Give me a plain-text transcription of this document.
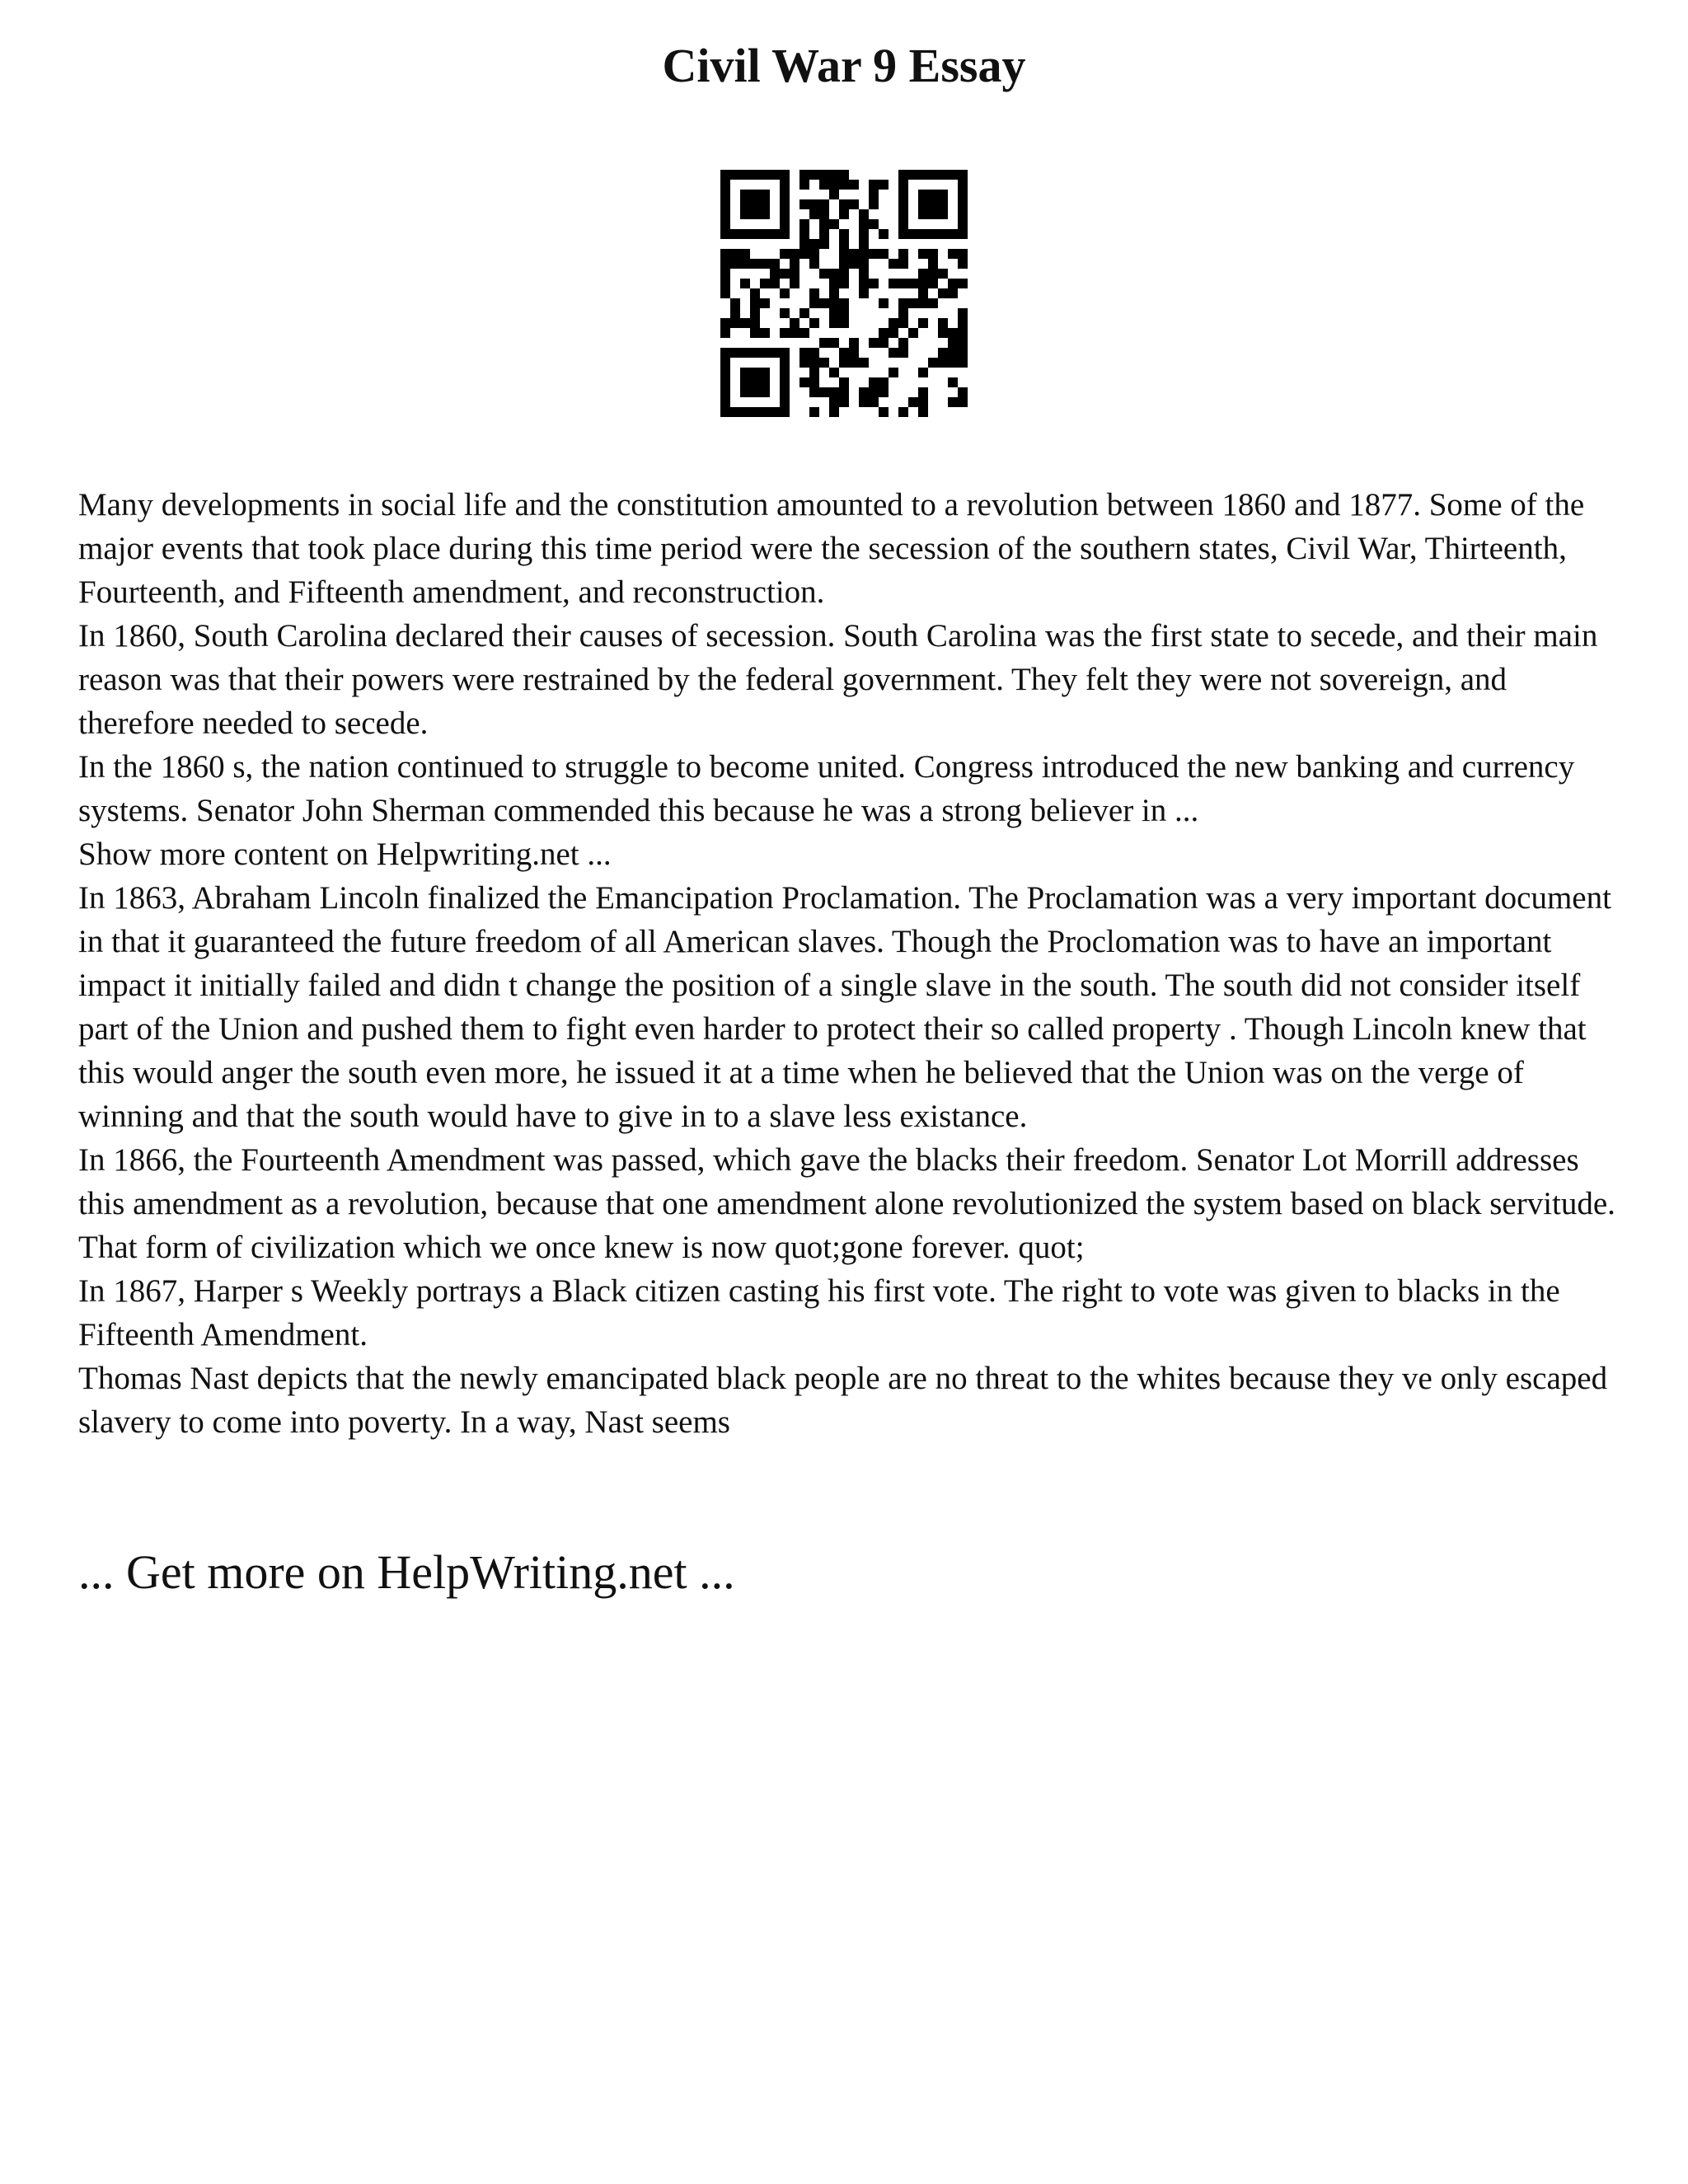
Civil War 9 Essay

Many developments in social life and the constitution amounted to a revolution between 1860 and 1877. Some of the major events that took place during this time period were the secession of the southern states, Civil War, Thirteenth, Fourteenth, and Fifteenth amendment, and reconstruction.

In 1860, South Carolina declared their causes of secession. South Carolina was the first state to secede, and their main reason was that their powers were restrained by the federal government. They felt they were not sovereign, and therefore needed to secede.

In the 1860 s, the nation continued to struggle to become united. Congress introduced the new banking and currency systems. Senator John Sherman commended this because he was a strong believer in ...

Show more content on Helpwriting.net ...

In 1863, Abraham Lincoln finalized the Emancipation Proclamation. The Proclamation was a very important document in that it guaranteed the future freedom of all American slaves. Though the Proclomation was to have an important impact it initially failed and didn t change the position of a single slave in the south. The south did not consider itself part of the Union and pushed them to fight even harder to protect their so called property . Though Lincoln knew that this would anger the south even more, he issued it at a time when he believed that the Union was on the verge of winning and that the south would have to give in to a slave less existance.

In 1866, the Fourteenth Amendment was passed, which gave the blacks their freedom. Senator Lot Morrill addresses this amendment as a revolution, because that one amendment alone revolutionized the system based on black servitude. That form of civilization which we once knew is now quot;gone forever. quot;

In 1867, Harper s Weekly portrays a Black citizen casting his first vote. The right to vote was given to blacks in the Fifteenth Amendment.

Thomas Nast depicts that the newly emancipated black people are no threat to the whites because they ve only escaped slavery to come into poverty. In a way, Nast seems

... Get more on HelpWriting.net ...
